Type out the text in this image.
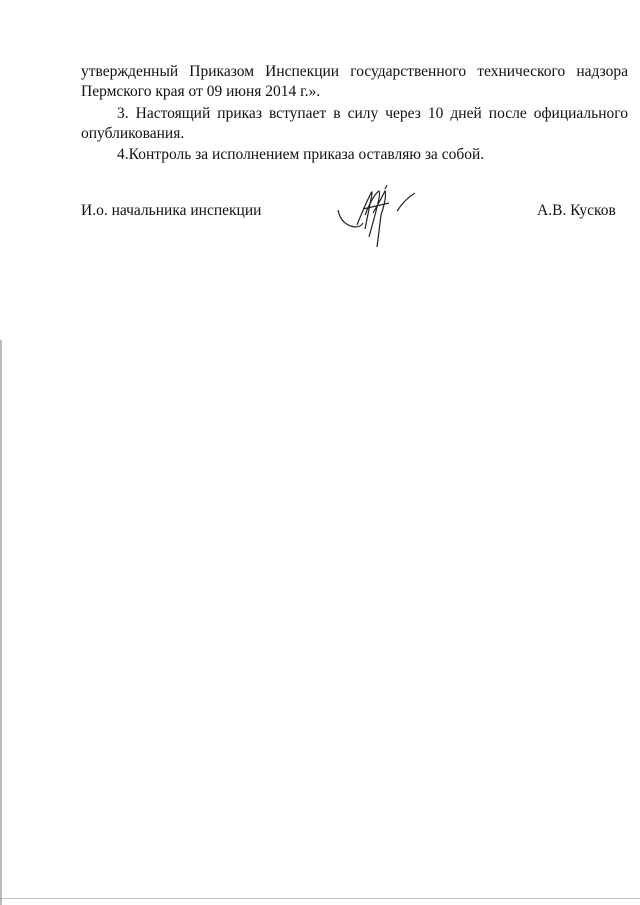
утвержденный Приказом Инспекции государственного технического надзора
Пермского края от 09 июня 2014 г.».
3. Настоящий приказ вступает в силу через 10 дней после официального
опубликования.
4.Контроль за исполнением приказа оставляю за собой.
И.о. начальника инспекции	А.В. Кусков
